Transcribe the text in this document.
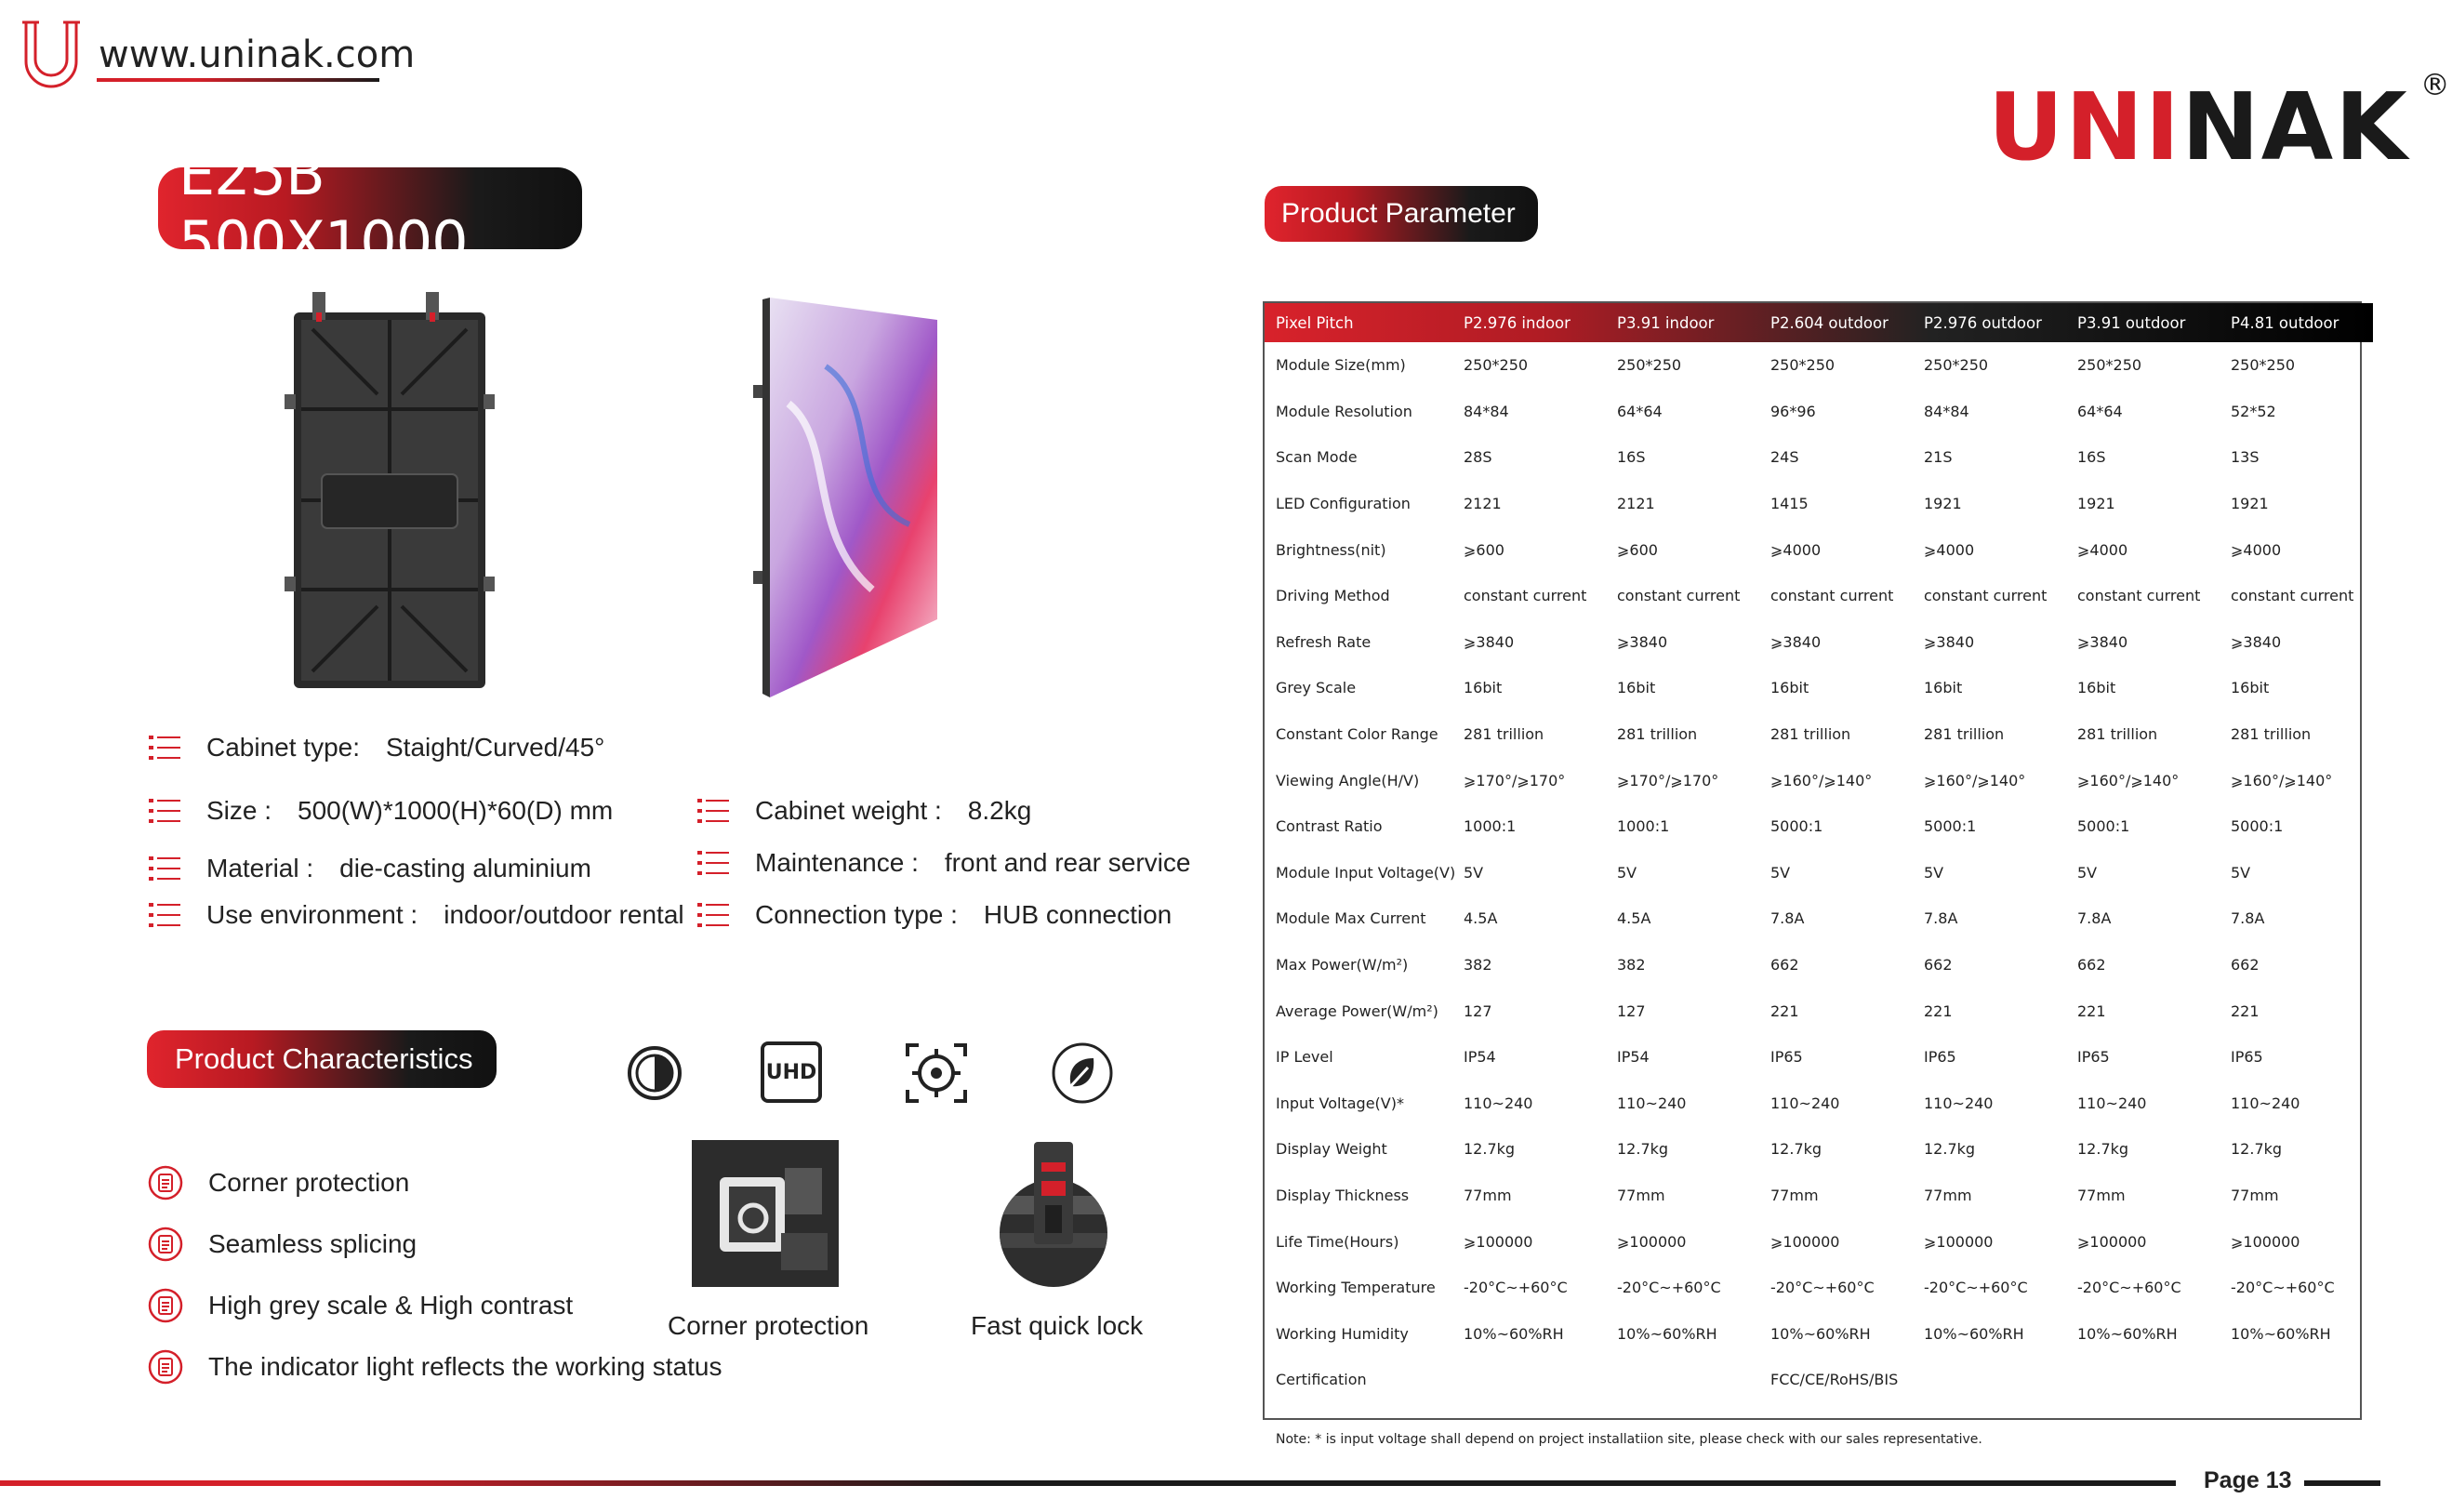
www.uninak.com
UNINAK ®
E25B 500X1000
Cabinet type: Staight/Curved/45°
Size : 500(W)*1000(H)*60(D) mm
Material : die-casting aluminium
Use environment : indoor/outdoor rental
Cabinet weight : 8.2kg
Maintenance : front and rear service
Connection type : HUB connection
Product Characteristics	UHD
Corner protection
Seamless splicing
High grey scale & High contrast
The indicator light reflects the working status
Corner protection	Fast quick lock
Product Parameter
Pixel Pitch	P2.976 indoor	P3.91 indoor	P2.604 outdoor	P2.976 outdoor	P3.91 outdoor	P4.81 outdoor
Module Size(mm)	250*250	250*250	250*250	250*250	250*250	250*250
Module Resolution	84*84	64*64	96*96	84*84	64*64	52*52
Scan Mode	28S	16S	24S	21S	16S	13S
LED Configuration	2121	2121	1415	1921	1921	1921
Brightness(nit)	⩾600	⩾600	⩾4000	⩾4000	⩾4000	⩾4000
Driving Method	constant current	constant current	constant current	constant current	constant current	constant current
Refresh Rate	⩾3840	⩾3840	⩾3840	⩾3840	⩾3840	⩾3840
Grey Scale	16bit	16bit	16bit	16bit	16bit	16bit
Constant Color Range	281 trillion	281 trillion	281 trillion	281 trillion	281 trillion	281 trillion
Viewing Angle(H/V)	⩾170°/⩾170°	⩾170°/⩾170°	⩾160°/⩾140°	⩾160°/⩾140°	⩾160°/⩾140°	⩾160°/⩾140°
Contrast Ratio	1000:1	1000:1	5000:1	5000:1	5000:1	5000:1
Module Input Voltage(V)	5V	5V	5V	5V	5V	5V
Module Max Current	4.5A	4.5A	7.8A	7.8A	7.8A	7.8A
Max Power(W/m²)	382	382	662	662	662	662
Average Power(W/m²)	127	127	221	221	221	221
IP Level	IP54	IP54	IP65	IP65	IP65	IP65
Input Voltage(V)*	110~240	110~240	110~240	110~240	110~240	110~240
Display Weight	12.7kg	12.7kg	12.7kg	12.7kg	12.7kg	12.7kg
Display Thickness	77mm	77mm	77mm	77mm	77mm	77mm
Life Time(Hours)	⩾100000	⩾100000	⩾100000	⩾100000	⩾100000	⩾100000
Working Temperature	-20°C~+60°C	-20°C~+60°C	-20°C~+60°C	-20°C~+60°C	-20°C~+60°C	-20°C~+60°C
Working Humidity	10%~60%RH	10%~60%RH	10%~60%RH	10%~60%RH	10%~60%RH	10%~60%RH
Certification			FCC/CE/RoHS/BIS			
Note: * is input voltage shall depend on project installatiion site, please check with our sales representative.
Page 13
